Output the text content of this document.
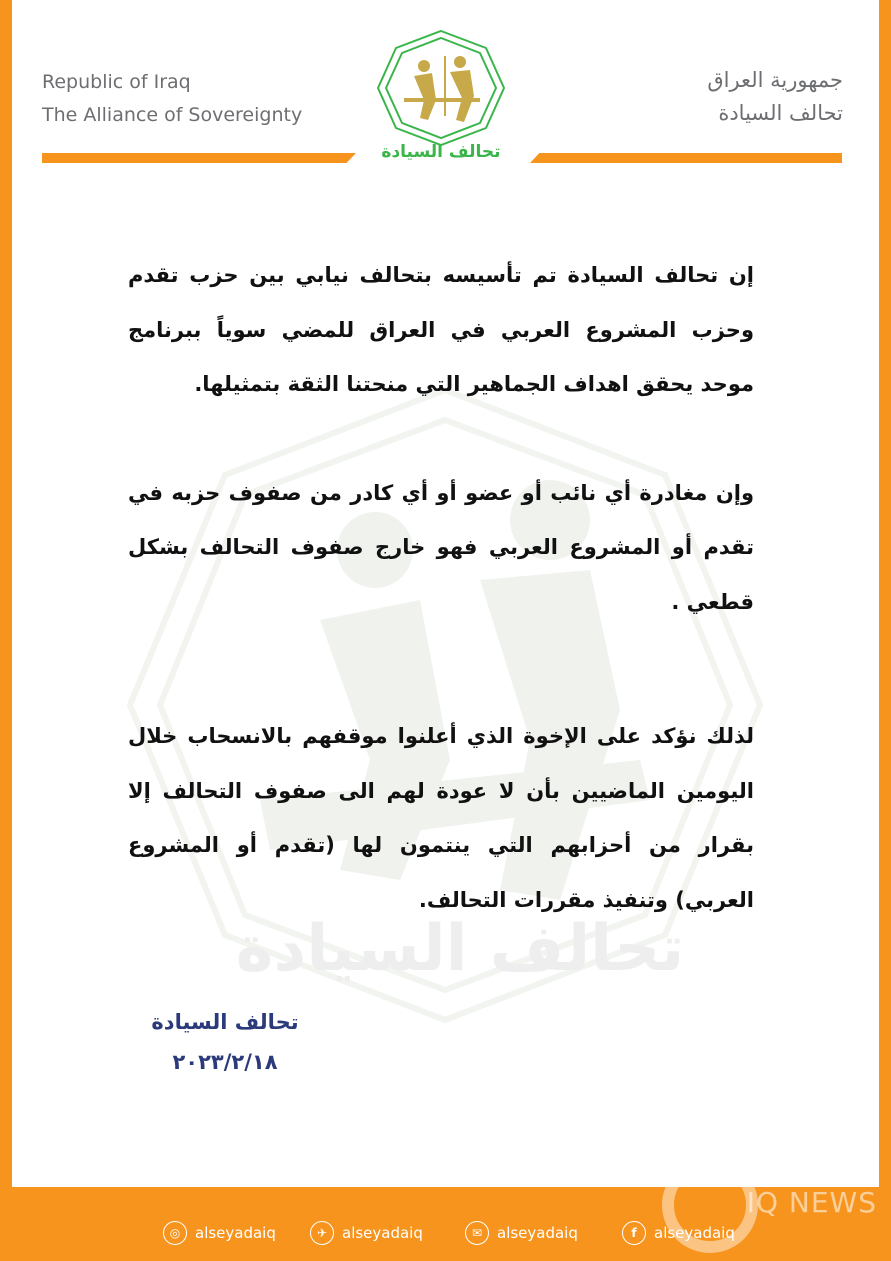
تحالف السيادة
Republic of Iraq
The Alliance of Sovereignty
جمهورية العراق
تحالف السيادة
تحالف السيادة

إن تحالف السيادة تم تأسيسه بتحالف نيابي بين حزب تقدم وحزب المشروع العربي في العراق للمضي سوياً ببرنامج موحد يحقق اهداف الجماهير التي منحتنا الثقة بتمثيلها.

وإن مغادرة أي نائب أو عضو أو أي كادر من صفوف حزبه في تقدم أو المشروع العربي فهو خارج صفوف التحالف بشكل قطعي .

لذلك نؤكد على الإخوة الذي أعلنوا موقفهم بالانسحاب خلال اليومين الماضيين بأن لا عودة لهم الى صفوف التحالف إلا بقرار من أحزابهم التي ينتمون لها (تقدم أو المشروع العربي) وتنفيذ مقررات التحالف.

تحالف السيادة
٢٠٢٣/٢/١٨
IQ NEWS
◎ alseyadaiq	✈ alseyadaiq	✉ alseyadaiq	f	alseyadaiq
